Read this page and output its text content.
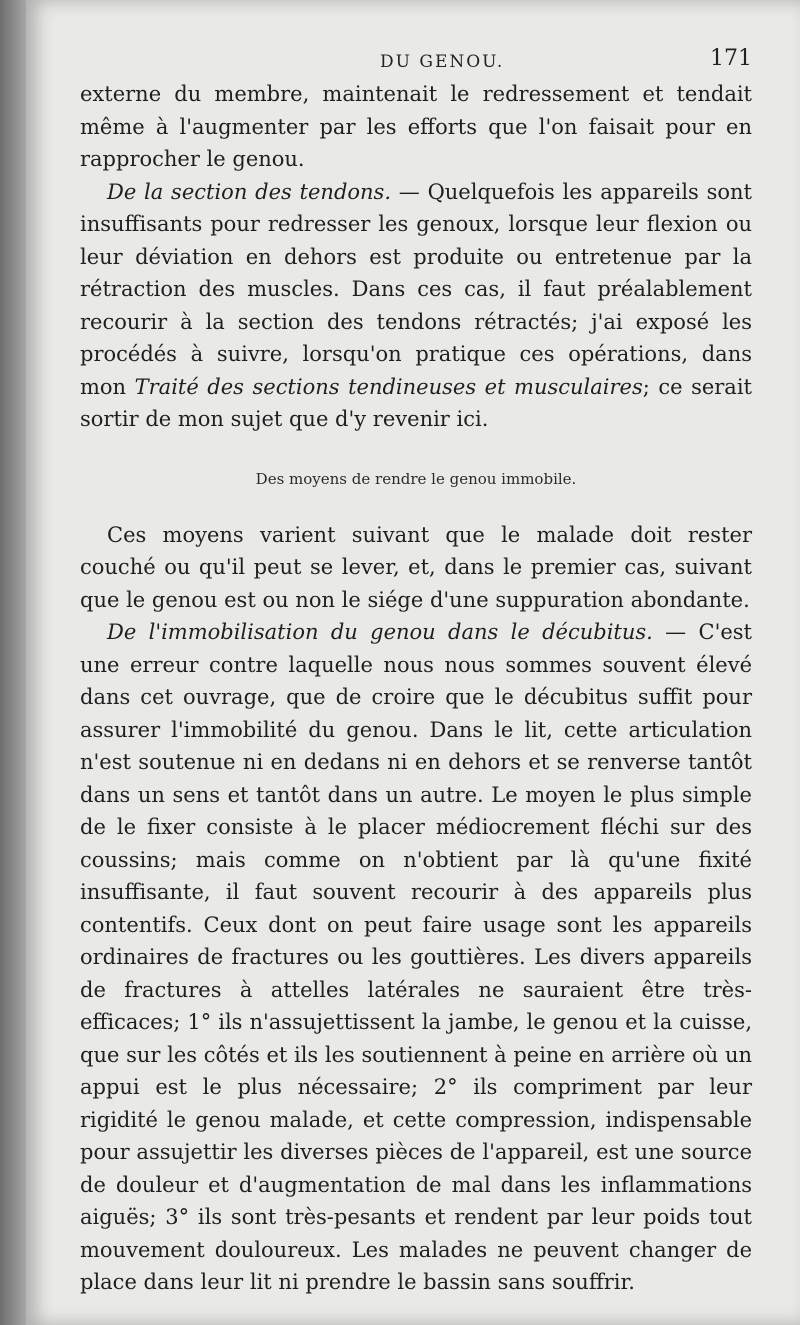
DU GENOU.	171

externe du membre, maintenait le redressement et tendait même à l'augmenter par les efforts que l'on faisait pour en rapprocher le genou.

De la section des tendons. — Quelquefois les appareils sont insuffisants pour redresser les genoux, lorsque leur flexion ou leur déviation en dehors est produite ou entretenue par la rétraction des muscles. Dans ces cas, il faut préalablement recourir à la section des tendons rétractés; j'ai exposé les procédés à suivre, lorsqu'on pratique ces opérations, dans mon Traité des sections tendineuses et musculaires; ce serait sortir de mon sujet que d'y revenir ici.

Des moyens de rendre le genou immobile.

Ces moyens varient suivant que le malade doit rester couché ou qu'il peut se lever, et, dans le premier cas, suivant que le genou est ou non le siége d'une suppuration abondante.

De l'immobilisation du genou dans le décubitus. — C'est une erreur contre laquelle nous nous sommes souvent élevé dans cet ouvrage, que de croire que le décubitus suffit pour assurer l'immobilité du genou. Dans le lit, cette articulation n'est soutenue ni en dedans ni en dehors et se renverse tantôt dans un sens et tantôt dans un autre. Le moyen le plus simple de le fixer consiste à le placer médiocrement fléchi sur des coussins; mais comme on n'obtient par là qu'une fixité insuffisante, il faut souvent recourir à des appareils plus contentifs. Ceux dont on peut faire usage sont les appareils ordinaires de fractures ou les gouttières. Les divers appareils de fractures à attelles latérales ne sauraient être très-efficaces; 1° ils n'assujettissent la jambe, le genou et la cuisse, que sur les côtés et ils les soutiennent à peine en arrière où un appui est le plus nécessaire; 2° ils compriment par leur rigidité le genou malade, et cette compression, indispensable pour assujettir les diverses pièces de l'appareil, est une source de douleur et d'augmentation de mal dans les inflammations aiguës; 3° ils sont très-pesants et rendent par leur poids tout mouvement douloureux. Les malades ne peuvent changer de place dans leur lit ni prendre le bassin sans souffrir.
